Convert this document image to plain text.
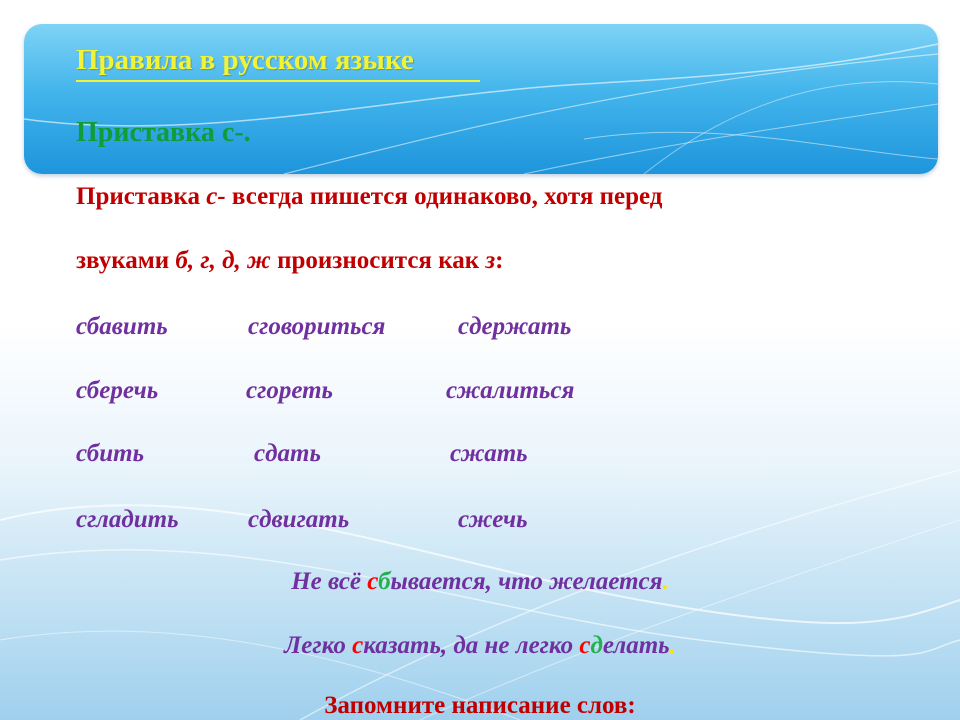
Правила в русском языке
Приставка с-.

Приставка с- всегда пишется одинаково, хотя перед

звуками б, г, д, ж произносится как з:

сбавить	сговориться	сдержать
сберечь	сгореть	сжалиться
сбить	сдать	сжать
сгладить	сдвигать	сжечь

Не всё сбывается, что желается.

Легко сказать, да не легко сделать.

Запомните написание слов:
